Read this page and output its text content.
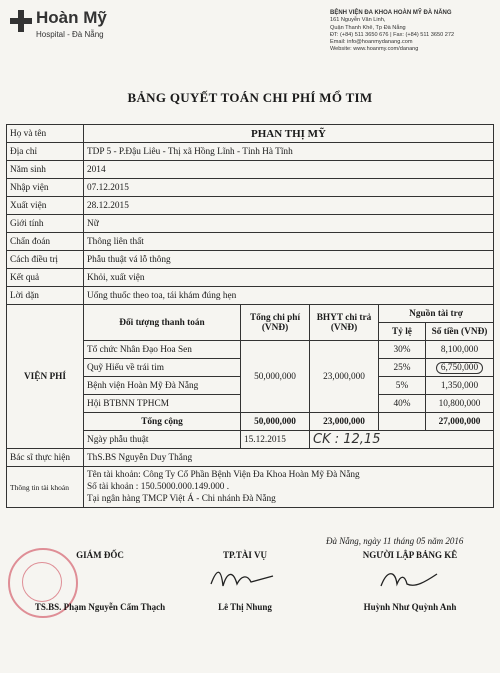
Hoàn Mỹ
Hospital - Đà Nẵng
BỆNH VIỆN ĐA KHOA HOÀN MỸ ĐÀ NẴNG
161 Nguyễn Văn Linh,
Quận Thanh Khê, Tp Đà Nẵng
ĐT: (+84) 511 3650 676 | Fax: (+84) 511 3650 272
Email: info@hoanmydanang.com
Website: www.hoanmy.com/danang
BẢNG QUYẾT TOÁN CHI PHÍ MỔ TIM
Họ và tên	PHAN THỊ MỸ				
Địa chỉ	TDP 5 - P.Đậu Liêu - Thị xã Hồng Lĩnh - Tỉnh Hà Tĩnh				
Năm sinh	2014				
Nhập viện	07.12.2015				
Xuất viện	28.12.2015				
Giới tính	Nữ				
Chẩn đoán	Thông liên thất				
Cách điều trị	Phẫu thuật vá lỗ thông				
Kết quả	Khỏi, xuất viện				
Lời dặn	Uống thuốc theo toa, tái khám đúng hẹn				
VIỆN PHÍ	Đối tượng thanh toán	Tổng chi phí (VNĐ)	BHYT chi trả (VNĐ)	Nguồn tài trợ	
				Tỷ lệ	Số tiền (VNĐ)
	Tổ chức Nhân Đạo Hoa Sen	50,000,000	23,000,000	30%	8,100,000
	Quỹ Hiếu về trái tim			25%	6,750,000
	Bệnh viện Hoàn Mỹ Đà Nẵng			5%	1,350,000
	Hội BTBNN TPHCM			40%	10,800,000
	Tổng cộng	50,000,000	23,000,000		27,000,000
	Ngày phẫu thuật	15.12.2015	CK : 12,15		
Bác sĩ thực hiện	ThS.BS Nguyễn Duy Thắng				
Thông tin tài khoản	Tên tài khoản: Công Ty Cổ Phần Bệnh Viện Đa Khoa Hoàn Mỹ Đà Nẵng
Số tài khoản : 150.5000.000.149.000 .
Tại ngân hàng TMCP Việt Á - Chi nhánh Đà Nẵng				
Đà Nẵng, ngày 11 tháng 05 năm 2016
GIÁM ĐỐC
TS.BS. Phạm Nguyễn Cẩm Thạch
TP.TÀI VỤ
Lê Thị Nhung
NGƯỜI LẬP BẢNG KÊ
Huỳnh Như Quỳnh Anh
